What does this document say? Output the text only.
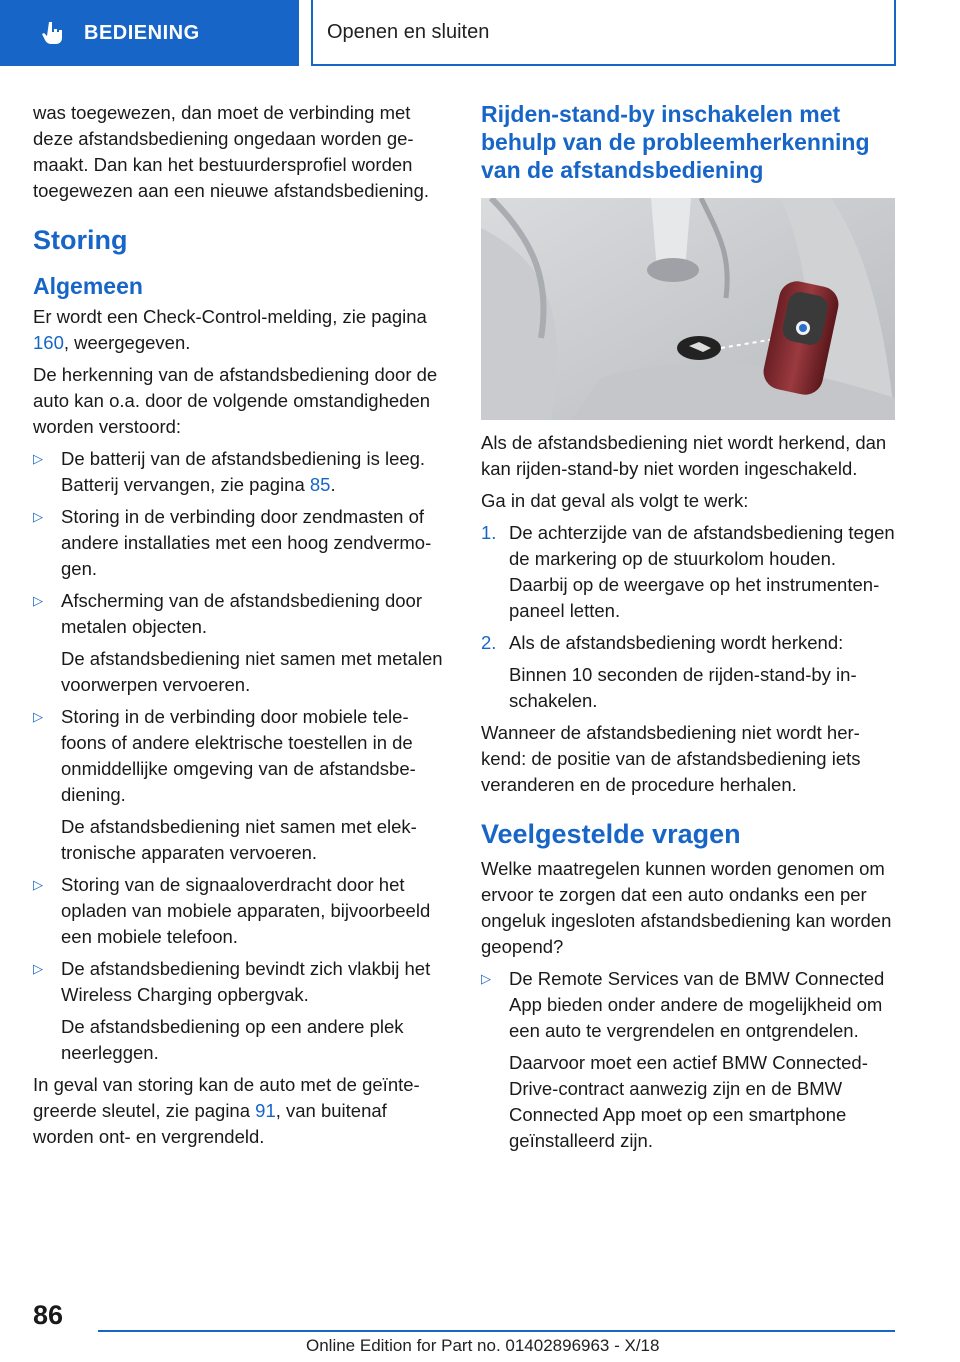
BEDIENING	Openen en sluiten

was toegewezen, dan moet de verbinding met deze afstandsbediening ongedaan worden gemaakt. Dan kan het bestuurdersprofiel worden toegewezen aan een nieuwe afstandsbediening.

Storing
Algemeen

Er wordt een Check-Control-melding, zie pagina 160, weergegeven.

De herkenning van de afstandsbediening door de auto kan o.a. door de volgende omstandigheden worden verstoord:

▷ De batterij van de afstandsbediening is leeg. Batterij vervangen, zie pagina 85.
▷ Storing in de verbinding door zendmasten of andere installaties met een hoog zendvermogen.
▷ Afscherming van de afstandsbediening door metalen objecten.
De afstandsbediening niet samen met metalen voorwerpen vervoeren.
▷ Storing in de verbinding door mobiele telefoons of andere elektrische toestellen in de onmiddellijke omgeving van de afstandsbediening.
De afstandsbediening niet samen met elektronische apparaten vervoeren.
▷ Storing van de signaaloverdracht door het opladen van mobiele apparaten, bijvoorbeeld een mobiele telefoon.
▷ De afstandsbediening bevindt zich vlakbij het Wireless Charging opbergvak.
De afstandsbediening op een andere plek neerleggen.

In geval van storing kan de auto met de geïntegreerde sleutel, zie pagina 91, van buitenaf worden ont- en vergrendeld.

Rijden-stand-by inschakelen met behulp van de probleemherkenning van de afstandsbediening

Als de afstandsbediening niet wordt herkend, dan kan rijden-stand-by niet worden ingeschakeld.

Ga in dat geval als volgt te werk:

1. De achterzijde van de afstandsbediening tegen de markering op de stuurkolom houden. Daarbij op de weergave op het instrumentenpaneel letten.
2. Als de afstandsbediening wordt herkend:
Binnen 10 seconden de rijden-stand-by inschakelen.

Wanneer de afstandsbediening niet wordt herkend: de positie van de afstandsbediening iets veranderen en de procedure herhalen.

Veelgestelde vragen

Welke maatregelen kunnen worden genomen om ervoor te zorgen dat een auto ondanks een per ongeluk ingesloten afstandsbediening kan worden geopend?

▷ De Remote Services van de BMW Connected App bieden onder andere de mogelijkheid om een auto te vergrendelen en ontgrendelen.
Daarvoor moet een actief BMW ConnectedDrive-contract aanwezig zijn en de BMW Connected App moet op een smartphone geïnstalleerd zijn.
86
Online Edition for Part no. 01402896963 - X/18
